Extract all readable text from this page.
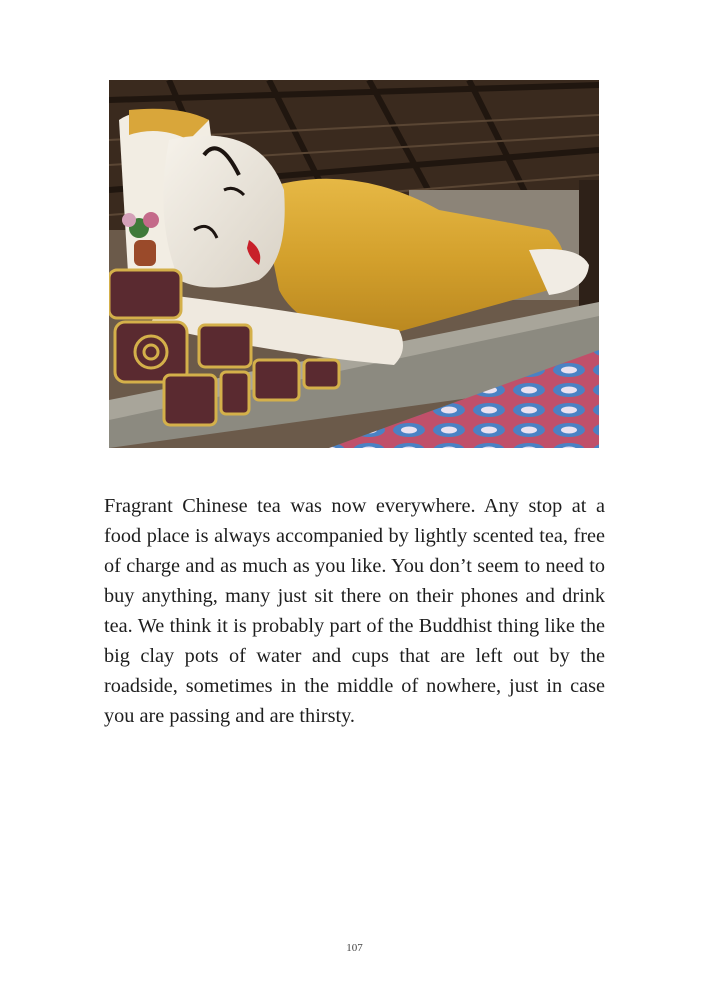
Fragrant Chinese tea was now everywhere. Any stop at a food place is always accompanied by lightly scented tea, free of charge and as much as you like. You don’t seem to need to buy anything, many just sit there on their phones and drink tea. We think it is probably part of the Buddhist thing like the big clay pots of water and cups that are left out by the roadside, sometimes in the middle of nowhere, just in case you are passing and are thirsty.

107
